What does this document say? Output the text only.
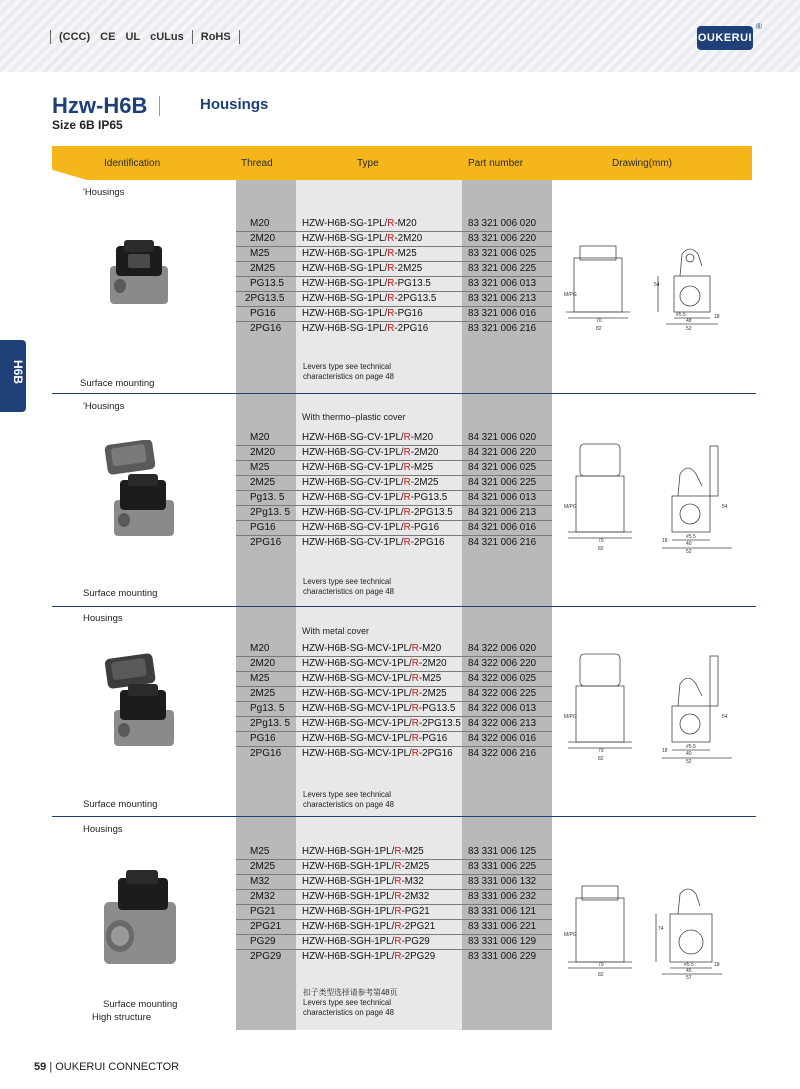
(CCC) CE UL cULus RoHS	OUKERUI
®
Hzw-H6B	Housings
Size 6B IP65
Identification	Thread	Type	Part number	Drawing(mm)
H6B
'Housings
Surface mounting
Levers type see technical
characteristics on page 48
M20	HZW-H6B-SG-1PL/R-M20	83 321 006 020
2M20	HZW-H6B-SG-1PL/R-2M20	83 321 006 220
M25	HZW-H6B-SG-1PL/R-M25	83 321 006 025
2M25	HZW-H6B-SG-1PL/R-2M25	83 321 006 225
PG13.5 HZW-H6B-SG-1PL/R-PG13.5	83 321 006 013
2PG13.5 HZW-H6B-SG-1PL/R-2PG13.5	83 321 006 213
PG16	HZW-H6B-SG-1PL/R-PG16	83 321 006 016
2PG16 HZW-H6B-SG-1PL/R-2PG16	83 321 006 216
70
82
48
52
54
18
#5.5
M/PG
'Housings
With thermo–plastic cover
Surface mounting
Levers type see technical
characteristics on page 48
M20	HZW-H6B-SG-CV-1PL/R-M20	84 321 006 020
2M20	HZW-H6B-SG-CV-1PL/R-2M20	84 321 006 220
M25	HZW-H6B-SG-CV-1PL/R-M25	84 321 006 025
2M25	HZW-H6B-SG-CV-1PL/R-2M25	84 321 006 225
Pg13. 5 HZW-H6B-SG-CV-1PL/R-PG13.5 84 321 006 013
2Pg13. 5 HZW-H6B-SG-CV-1PL/R-2PG13.5 84 321 006 213
PG16	HZW-H6B-SG-CV-1PL/R-PG16	84 321 006 016
2PG16 HZW-H6B-SG-CV-1PL/R-2PG16 84 321 006 216	70
82
40
52
54
18
#5.5
M/PG
Housings
With metal cover
Surface mounting
Levers type see technical
characteristics on page 48
M20	HZW-H6B-SG-MCV-1PL/R-M20	84 322 006 020
2M20	HZW-H6B-SG-MCV-1PL/R-2M20 84 322 006 220
M25	HZW-H6B-SG-MCV-1PL/R-M25	84 322 006 025
2M25	HZW-H6B-SG-MCV-1PL/R-2M25 84 322 006 225
Pg13. 5 HZW-H6B-SG-MCV-1PL/R-PG13.5 84 322 006 013
2Pg13. 5 HZW-H6B-SG-MCV-1PL/R-2PG13.5 84 322 006 213
PG16	HZW-H6B-SG-MCV-1PL/R-PG16 84 322 006 016
2PG16 HZW-H6B-SG-MCV-1PL/R-2PG16 84 322 006 216	70
82
40
52
54
18
#5.5
M/PG
Housings
Surface mounting
High structure
扣子类型选择请参考第48页
Levers type see technical
characteristics on page 48
M25	HZW-H6B-SGH-1PL/R-M25	83 331 006 125
2M25	HZW-H6B-SGH-1PL/R-2M25	83 331 006 225
M32	HZW-H6B-SGH-1PL/R-M32	83 331 006 132
2M32	HZW-H6B-SGH-1PL/R-2M32	83 331 006 232
PG21	HZW-H6B-SGH-1PL/R-PG21	83 331 006 121
2PG21 HZW-H6B-SGH-1PL/R-2PG21	83 331 006 221
PG29	HZW-H6B-SGH-1PL/R-PG29	83 331 006 129
2PG29 HZW-H6B-SGH-1PL/R-2PG29	83 331 006 229
70
82
45
57
74
18
#5.5
M/PG
59 | OUKERUI CONNECTOR
